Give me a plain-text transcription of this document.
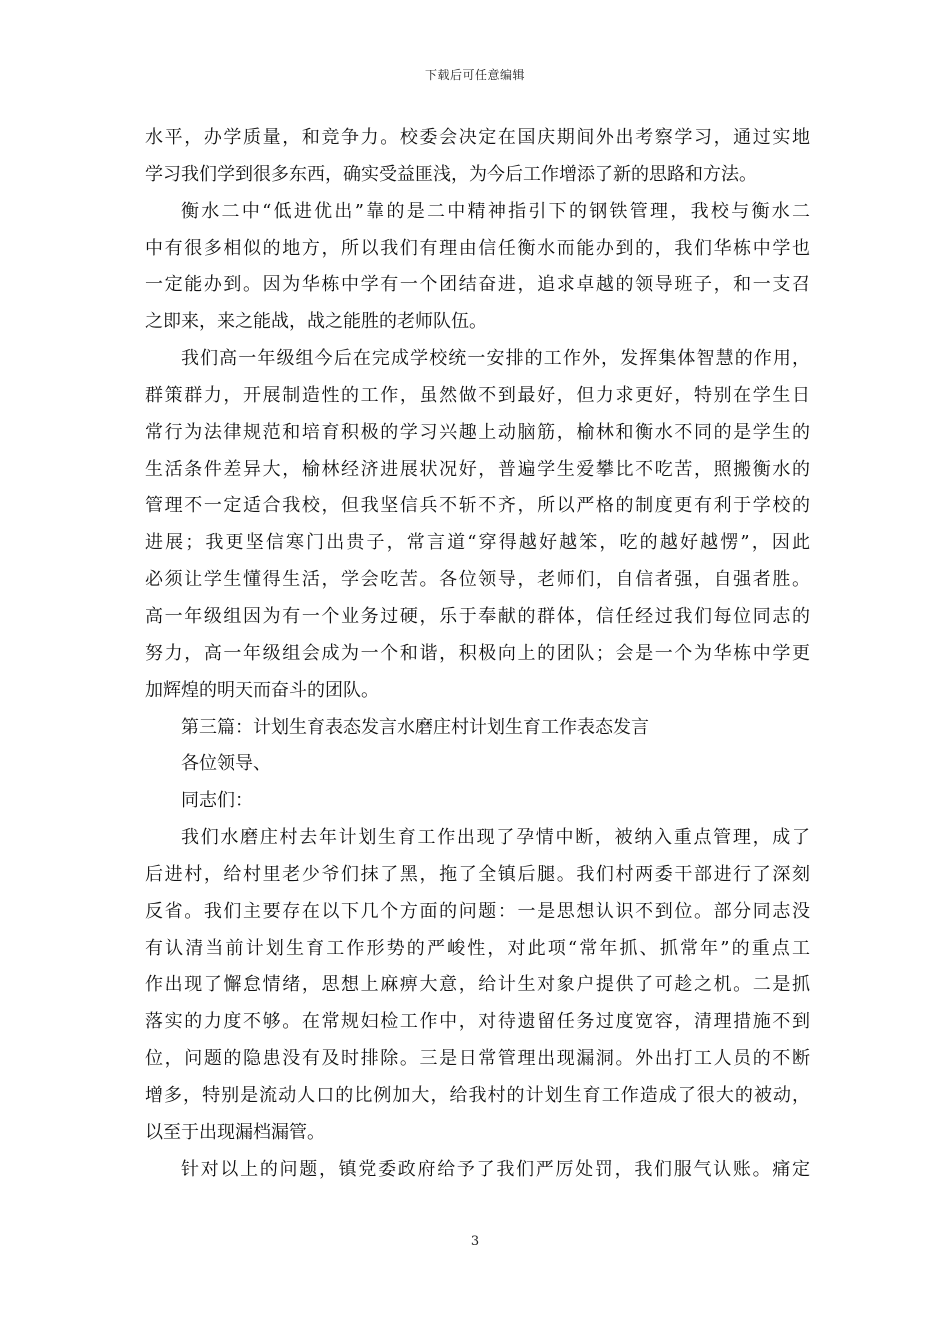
下载后可任意编辑
水平，办学质量，和竞争力。校委会决定在国庆期间外出考察学习，通过实地
学习我们学到很多东西，确实受益匪浅，为今后工作增添了新的思路和方法。
衡水二中“低进优出”靠的是二中精神指引下的钢铁管理，我校与衡水二
中有很多相似的地方，所以我们有理由信任衡水而能办到的，我们华栋中学也
一定能办到。因为华栋中学有一个团结奋进，追求卓越的领导班子，和一支召
之即来，来之能战，战之能胜的老师队伍。
我们高一年级组今后在完成学校统一安排的工作外，发挥集体智慧的作用，
群策群力，开展制造性的工作，虽然做不到最好，但力求更好，特别在学生日
常行为法律规范和培育积极的学习兴趣上动脑筋，榆林和衡水不同的是学生的
生活条件差异大，榆林经济进展状况好，普遍学生爱攀比不吃苦，照搬衡水的
管理不一定适合我校，但我坚信兵不斩不齐，所以严格的制度更有利于学校的
进展；我更坚信寒门出贵子，常言道“穿得越好越笨，吃的越好越愣”，因此
必须让学生懂得生活，学会吃苦。各位领导，老师们，自信者强，自强者胜。
高一年级组因为有一个业务过硬，乐于奉献的群体，信任经过我们每位同志的
努力，高一年级组会成为一个和谐，积极向上的团队；会是一个为华栋中学更
加辉煌的明天而奋斗的团队。
第三篇：计划生育表态发言水磨庄村计划生育工作表态发言
各位领导、
同志们：
我们水磨庄村去年计划生育工作出现了孕情中断，被纳入重点管理，成了
后进村，给村里老少爷们抹了黑，拖了全镇后腿。我们村两委干部进行了深刻
反省。我们主要存在以下几个方面的问题：一是思想认识不到位。部分同志没
有认清当前计划生育工作形势的严峻性，对此项“常年抓、抓常年”的重点工
作出现了懈怠情绪，思想上麻痹大意，给计生对象户提供了可趁之机。二是抓
落实的力度不够。在常规妇检工作中，对待遗留任务过度宽容，清理措施不到
位，问题的隐患没有及时排除。三是日常管理出现漏洞。外出打工人员的不断
增多，特别是流动人口的比例加大，给我村的计划生育工作造成了很大的被动，
以至于出现漏档漏管。
针对以上的问题，镇党委政府给予了我们严厉处罚，我们服气认账。痛定
3
